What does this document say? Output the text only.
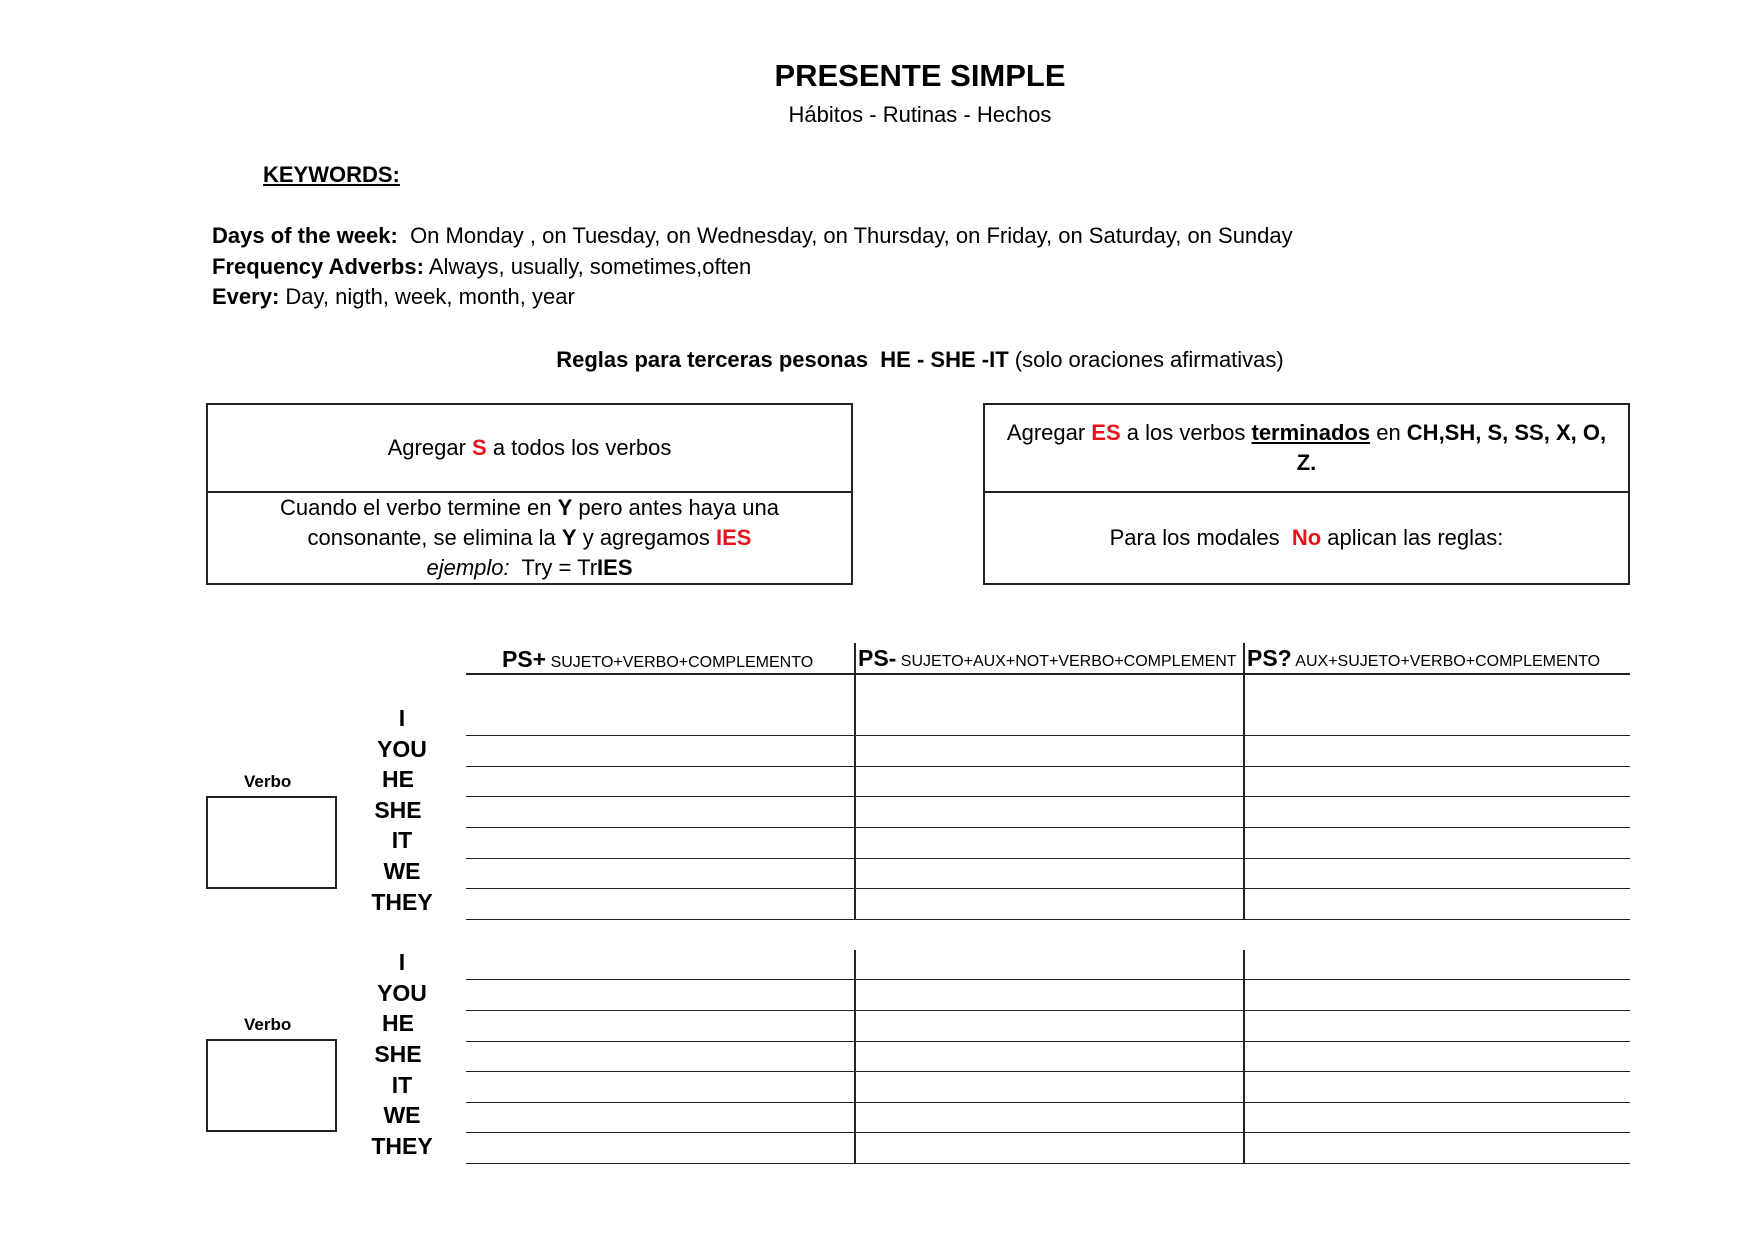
PRESENTE SIMPLE
Hábitos - Rutinas - Hechos
KEYWORDS:
Days of the week:  On Monday , on Tuesday, on Wednesday, on Thursday, on Friday, on Saturday, on Sunday
Frequency Adverbs: Always, usually, sometimes,often
Every: Day, nigth, week, month, year
Reglas para terceras pesonas  HE - SHE -IT (solo oraciones afirmativas)
Agregar S a todos los verbos
Cuando el verbo termine en Y pero antes haya una
consonante, se elimina la Y y agregamos IES
ejemplo:  Try = TrIES
Agregar ES a los verbos terminados en CH,SH, S, SS, X, O, Z.
Para los modales  No aplican las reglas:
PS+ SUJETO+VERBO+COMPLEMENTO PS- SUJETO+AUX+NOT+VERBO+COMPLEMENT PS? AUX+SUJETO+VERBO+COMPLEMENTO
I
YOU
HE
SHE
IT
WE
THEY
Verbo
I
YOU
HE
SHE
IT
WE
THEY
Verbo
